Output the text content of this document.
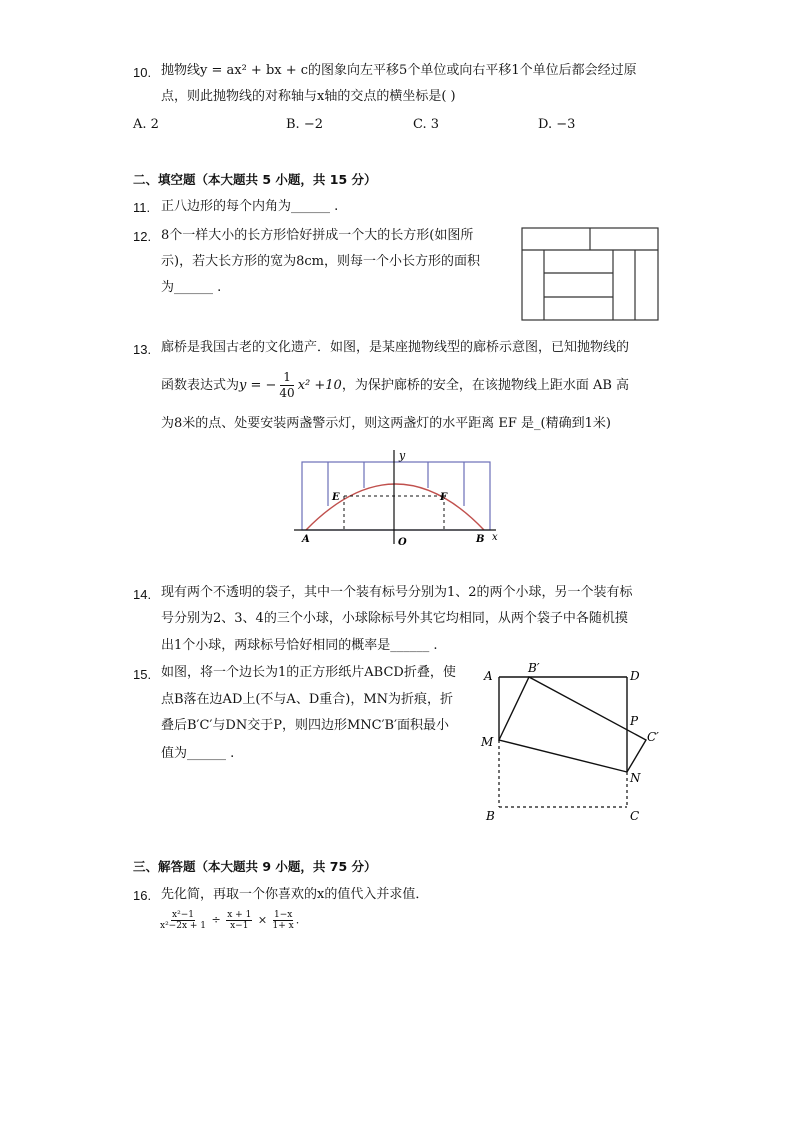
10. 抛物线y = ax² + bx + c的图象向左平移5个单位或向右平移1个单位后都会经过原
点，则此抛物线的对称轴与x轴的交点的横坐标是( )
A. 2	B. −2	C. 3	D. −3
二、填空题（本大题共 5 小题，共 15 分）
11. 正八边形的每个内角为______ .
12. 8个一样大小的长方形恰好拼成一个大的长方形(如图所
示)，若大长方形的宽为8cm，则每一个小长方形的面积
为______ .
13. 廊桥是我国古老的文化遗产．如图，是某座抛物线型的廊桥示意图，已知抛物线的
函数表达式为y = − $\frac{1}{40} x^2 +10$，为保护廊桥的安全，在该抛物线上距水面 AB 高
为8米的点、处要安装两盏警示灯，则这两盏灯的水平距离 EF 是_(精确到1米)
y
x
A	B
O
E	F
14. 现有两个不透明的袋子，其中一个装有标号分别为1、2的两个小球，另一个装有标
号分别为2、3、4的三个小球，小球除标号外其它均相同，从两个袋子中各随机摸
出1个小球，两球标号恰好相同的概率是______ .
15. 如图，将一个边长为1的正方形纸片ABCD折叠，使
点B落在边AD上(不与A、D重合)，MN为折痕，折
叠后B′C′与DN交于P，则四边形MNC′B′面积最小
值为______ .
A
B′
D
P
C′
M
N
B	C
三、解答题（本大题共 9 小题，共 75 分）
16. 先化简，再取一个你喜欢的x的值代入并求值．
$\frac{\text{x²−1}}{\text{x²−2x + 1}} \div \frac{x + 1}{x-1} \times \frac{1-x}{1+ x}$ .
